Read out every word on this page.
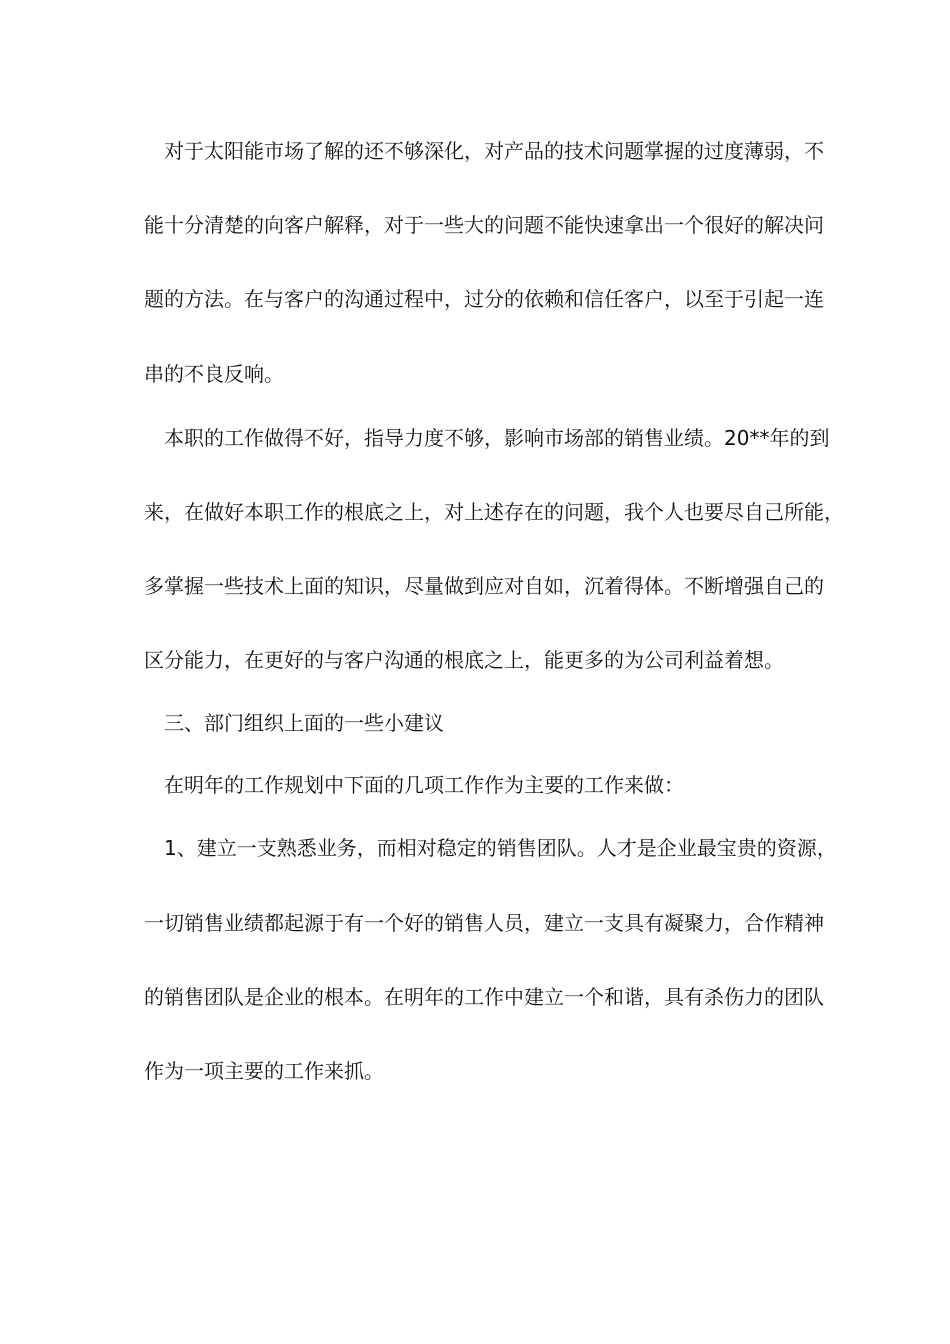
对于太阳能市场了解的还不够深化，对产品的技术问题掌握的过度薄弱，不
能十分清楚的向客户解释，对于一些大的问题不能快速拿出一个很好的解决问
题的方法。在与客户的沟通过程中，过分的依赖和信任客户，以至于引起一连
串的不良反响。
本职的工作做得不好，指导力度不够，影响市场部的销售业绩。20**年的到
来，在做好本职工作的根底之上，对上述存在的问题，我个人也要尽自己所能，
多掌握一些技术上面的知识，尽量做到应对自如，沉着得体。不断增强自己的
区分能力，在更好的与客户沟通的根底之上，能更多的为公司利益着想。
三、部门组织上面的一些小建议
在明年的工作规划中下面的几项工作作为主要的工作来做：
1、建立一支熟悉业务，而相对稳定的销售团队。人才是企业最宝贵的资源，
一切销售业绩都起源于有一个好的销售人员，建立一支具有凝聚力，合作精神
的销售团队是企业的根本。在明年的工作中建立一个和谐，具有杀伤力的团队
作为一项主要的工作来抓。
